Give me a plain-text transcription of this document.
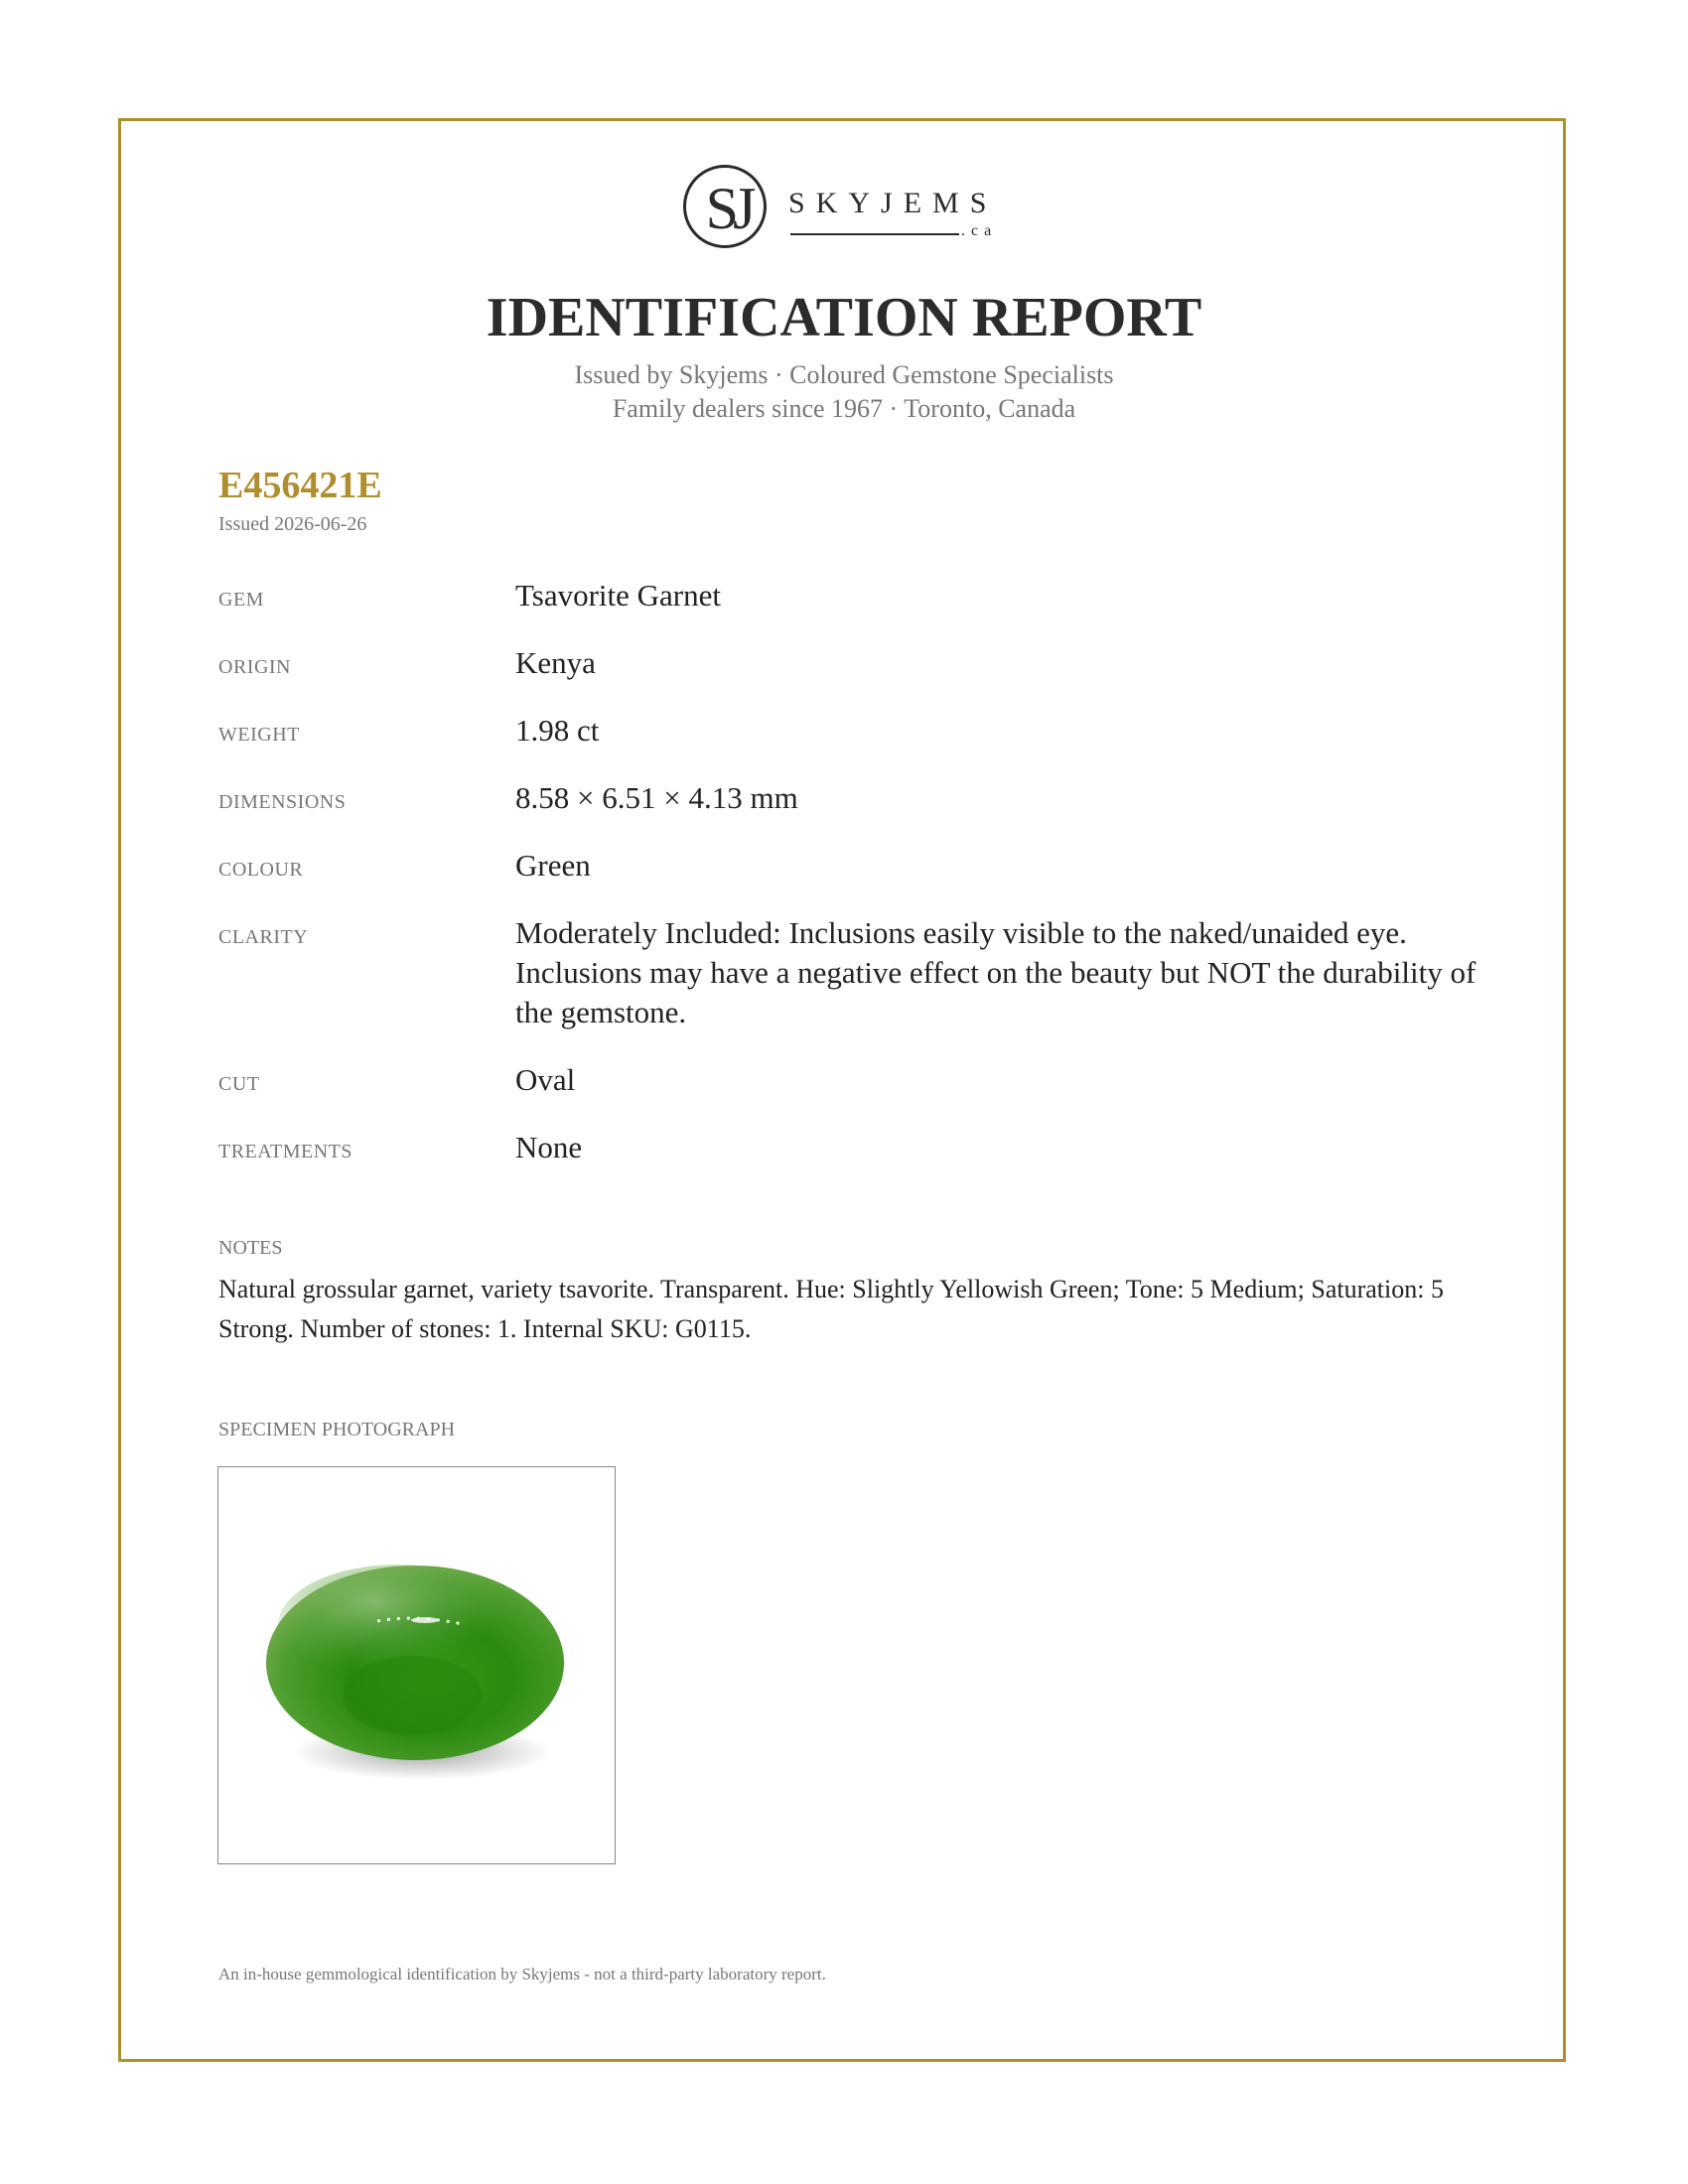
SJ	SKYJEMS
.ca
IDENTIFICATION REPORT
Issued by Skyjems · Coloured Gemstone Specialists
Family dealers since 1967 · Toronto, Canada
E456421E
Issued 2026-06-26
GEM	Tsavorite Garnet
ORIGIN	Kenya
WEIGHT	1.98 ct
DIMENSIONS	8.58 × 6.51 × 4.13 mm
COLOUR	Green
CLARITY	Moderately Included: Inclusions easily visible to the naked/unaided eye. Inclusions may have a negative effect on the beauty but NOT the durability of the gemstone.
CUT	Oval
TREATMENTS	None
NOTES
Natural grossular garnet, variety tsavorite. Transparent. Hue: Slightly Yellowish Green; Tone: 5 Medium; Saturation: 5 Strong. Number of stones: 1. Internal SKU: G0115.
SPECIMEN PHOTOGRAPH
An in-house gemmological identification by Skyjems - not a third-party laboratory report.
